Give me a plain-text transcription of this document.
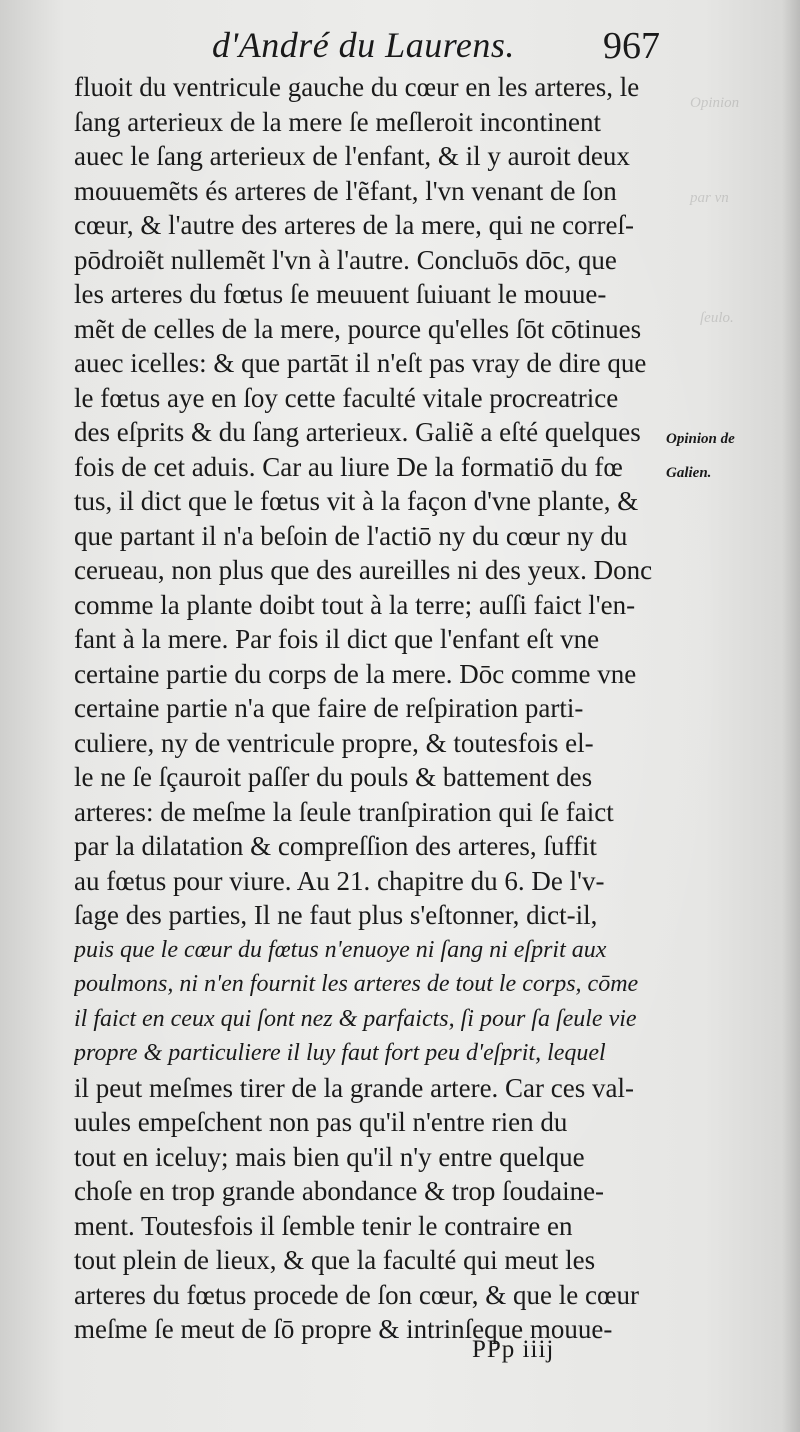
Opinion
par vn
ſeulo.
d'André du Laurens. 967
fluoit du ventricule gauche du cœur en les arteres, le
ſang arterieux de la mere ſe meſleroit incontinent
auec le ſang arterieux de l'enfant, & il y auroit deux
mouuemẽts és arteres de l'ẽfant, l'vn venant de ſon
cœur, & l'autre des arteres de la mere, qui ne correſ-
pōdroiẽt nullemẽt l'vn à l'autre. Concluōs dōc, que
les arteres du fœtus ſe meuuent ſuiuant le mouue-
mẽt de celles de la mere, pource qu'elles ſōt cōtinues
auec icelles: & que partāt il n'eſt pas vray de dire que
le fœtus aye en ſoy cette faculté vitale procreatrice
des eſprits & du ſang arterieux. Galiẽ a eſté quelques
fois de cet aduis. Car au liure De la formatiō du fœ
tus, il dict que le fœtus vit à la façon d'vne plante, &
que partant il n'a beſoin de l'actiō ny du cœur ny du
cerueau, non plus que des aureilles ni des yeux. Donc
comme la plante doibt tout à la terre; auſſi faict l'en-
fant à la mere. Par fois il dict que l'enfant eſt vne
certaine partie du corps de la mere. Dōc comme vne
certaine partie n'a que faire de reſpiration parti-
culiere, ny de ventricule propre, & toutesfois el-
le ne ſe ſçauroit paſſer du pouls & battement des
arteres: de meſme la ſeule tranſpiration qui ſe faict
par la dilatation & compreſſion des arteres, ſuffit
au fœtus pour viure. Au 21. chapitre du 6. De l'v-
ſage des parties, Il ne faut plus s'eſtonner, dict-il,
puis que le cœur du fœtus n'enuoye ni ſang ni eſprit aux
poulmons, ni n'en fournit les arteres de tout le corps, cōme
il faict en ceux qui ſont nez & parfaicts, ſi pour ſa ſeule vie
propre & particuliere il luy faut fort peu d'eſprit, lequel
il peut meſmes tirer de la grande artere. Car ces val-
uules empeſchent non pas qu'il n'entre rien du
tout en iceluy; mais bien qu'il n'y entre quelque
choſe en trop grande abondance & trop ſoudaine-
ment. Toutesfois il ſemble tenir le contraire en
tout plein de lieux, & que la faculté qui meut les
arteres du fœtus procede de ſon cœur, & que le cœur
meſme ſe meut de ſō propre & intrinſeque mouue-
Opinion de
Galien.
PPp iiij
